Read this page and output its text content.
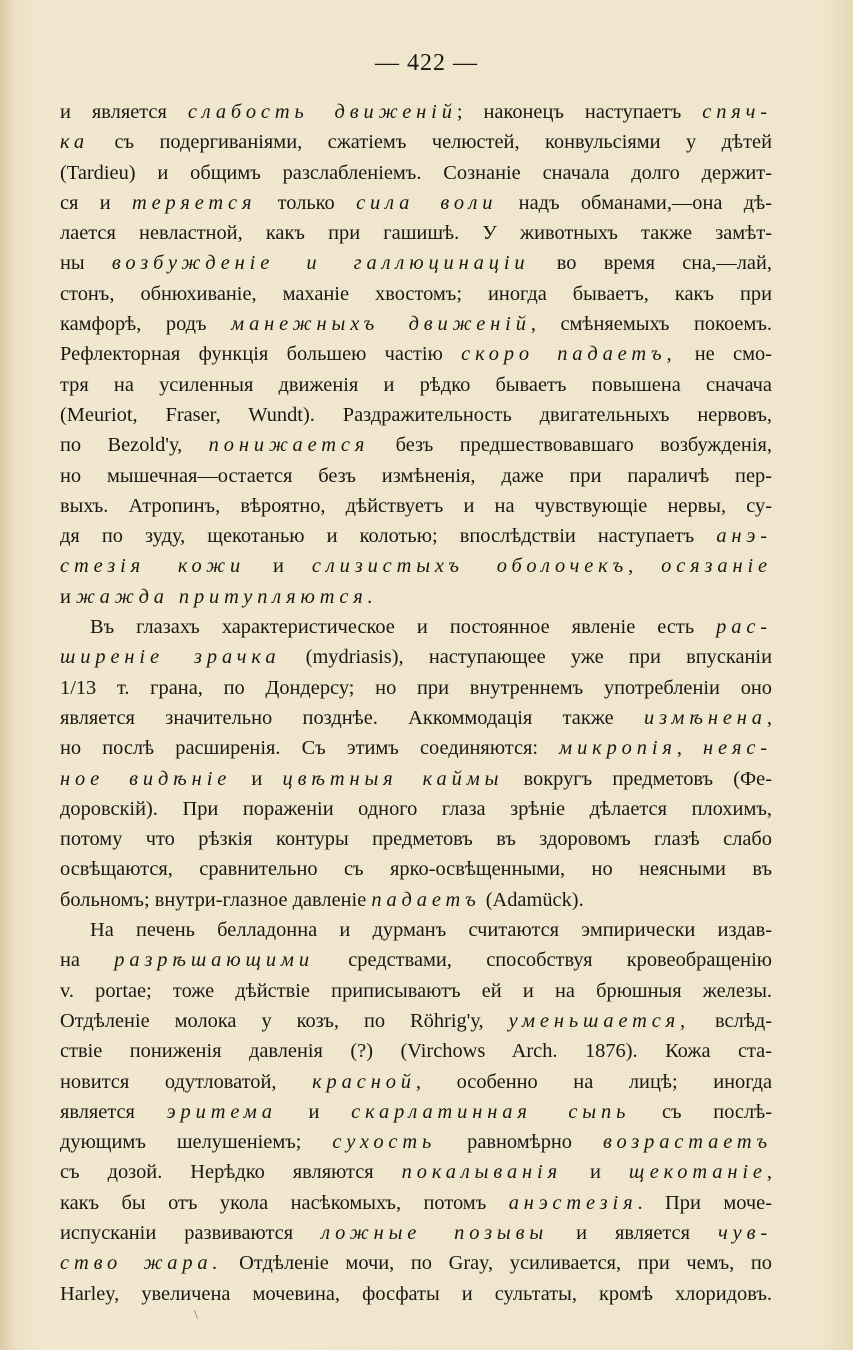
— 422 —
и является слабость движеній; наконецъ наступаетъ спяч-
ка съ подергиваніями, сжатіемъ челюстей, конвульсіями у дѣтей
(Tardieu) и общимъ разслабленіемъ. Сознаніе сначала долго держит-
ся и теряется только сила воли надъ обманами,—она дѣ-
лается невластной, какъ при гашишѣ. У животныхъ также замѣт-
ны возбужденіе и галлюцинаціи во время сна,—лай,
стонъ, обнюхиваніе, маханіе хвостомъ; иногда бываетъ, какъ при
камфорѣ, родъ манежныхъ движеній, смѣняемыхъ покоемъ.
Рефлекторная функція большею частію скоро падаетъ, не смо-
тря на усиленныя движенія и рѣдко бываетъ повышена сначача
(Meuriot, Fraser, Wundt). Раздражительность двигательныхъ нервовъ,
по Bezold'у, понижается безъ предшествовавшаго возбужденія,
но мышечная—остается безъ измѣненія, даже при параличѣ пер-
выхъ. Атропинъ, вѣроятно, дѣйствуетъ и на чувствующіе нервы, су-
дя по зуду, щекотанью и колотью; впослѣдствіи наступаетъ анэ-
стезія кожи и слизистыхъ оболочекъ, осязаніе
и жажда притупляются.
Въ глазахъ характеристическое и постоянное явленіе есть рас-
ширеніе зрачка (mydriasis), наступающее уже при впусканіи
1/13 т. грана, по Дондерсу; но при внутреннемъ употребленіи оно
является значительно позднѣе. Аккоммодація также измѣнена,
но послѣ расширенія. Съ этимъ соединяются: микропія, неяс-
ное видѣніе и цвѣтныя каймы вокругъ предметовъ (Фе-
доровскій). При пораженіи одного глаза зрѣніе дѣлается плохимъ,
потому что рѣзкія контуры предметовъ въ здоровомъ глазѣ слабо
освѣщаются, сравнительно съ ярко-освѣщенными, но неясными въ
больномъ; внутри-глазное давленіе падаетъ (Adamück).
На печень белладонна и дурманъ считаются эмпирически издав-
на разрѣшающими средствами, способствуя кровеобращенію
v. portae; тоже дѣйствіе приписываютъ ей и на брюшныя железы.
Отдѣленіе молока у козъ, по Röhrig'у, уменьшается, вслѣд-
ствіе пониженія давленія (?) (Virchows Arch. 1876). Кожа ста-
новится одутловатой, красной, особенно на лицѣ; иногда
является эритема и скарлатинная сыпь съ послѣ-
дующимъ шелушеніемъ; сухость равномѣрно возрастаетъ
съ дозой. Нерѣдко являются покалыванія и щекотаніе,
какъ бы отъ укола насѣкомыхъ, потомъ анэстезія. При моче-
испусканіи развиваются ложные позывы и является чув-
ство жара. Отдѣленіе мочи, по Gray, усиливается, при чемъ, по
Harley, увеличена мочевина, фосфаты и сультаты, кромѣ хлоридовъ.
\
